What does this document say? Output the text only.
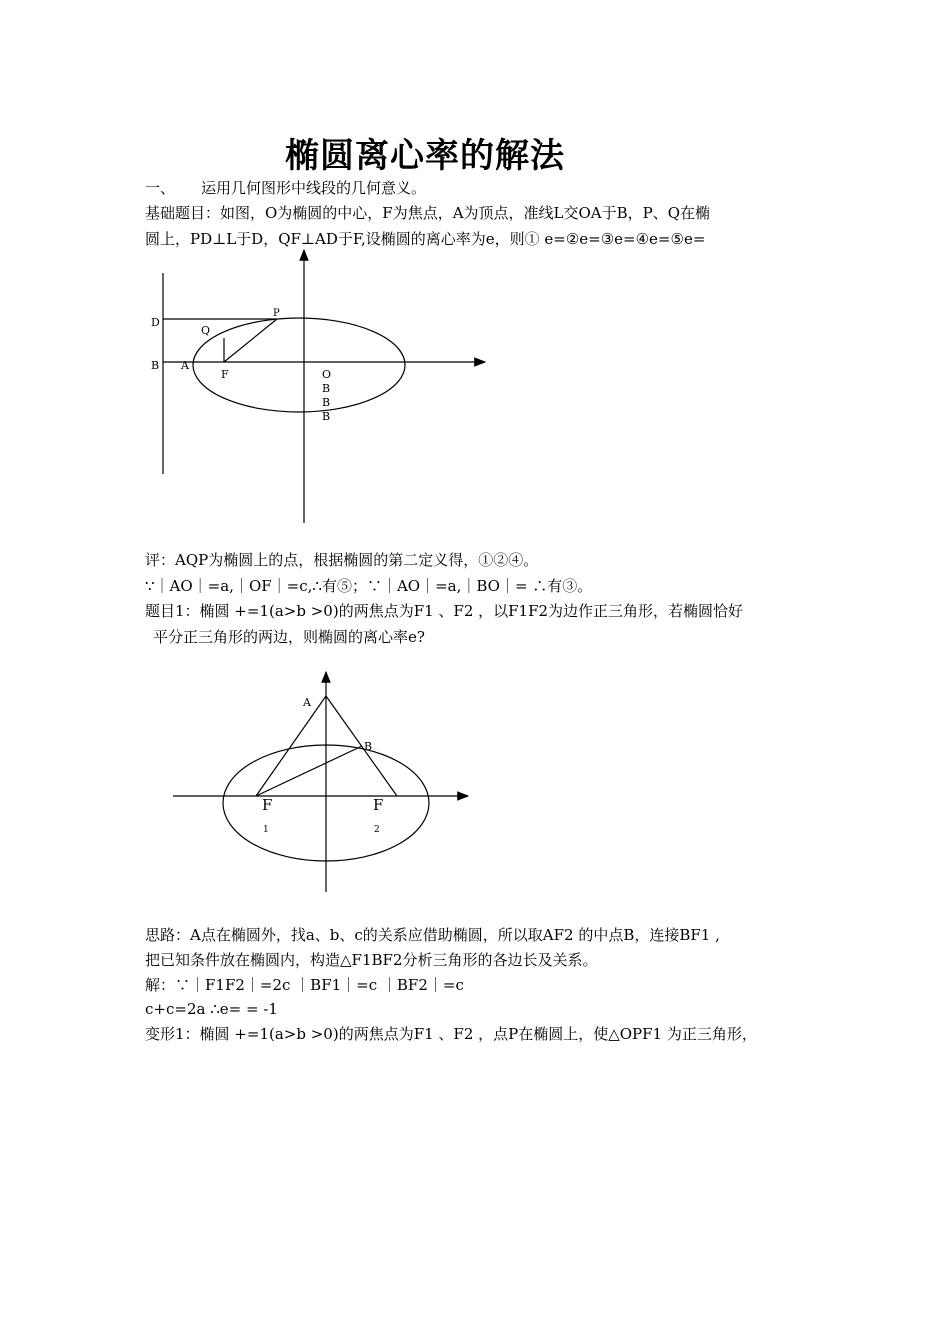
椭圆离心率的解法
一、 运用几何图形中线段的几何意义。
基础题目：如图，O为椭圆的中心，F为焦点，A为顶点，准线L交OA于B，P、Q在椭
圆上，PD⊥L于D，QF⊥AD于F,设椭圆的离心率为e，则① e=②e=③e=④e=⑤e=
D
Q
P
B A
F	O
B
B
B
评：AQP为椭圆上的点，根据椭圆的第二定义得，①②④。
∵｜AO｜=a,｜OF｜=c,∴有⑤；∵｜AO｜=a,｜BO｜= ∴有③。
题目1：椭圆 +=1(a>b >0)的两焦点为F1 、F2 ，以F1F2为边作正三角形，若椭圆恰好
平分正三角形的两边，则椭圆的离心率e?
A
B
F
1
F
2
思路：A点在椭圆外，找a、b、c的关系应借助椭圆，所以取AF2 的中点B，连接BF1 ,
把已知条件放在椭圆内，构造△F1BF2分析三角形的各边长及关系。
解：∵｜F1F2｜=2c ｜BF1｜=c ｜BF2｜=c
c+c=2a ∴e= = -1
变形1：椭圆 +=1(a>b >0)的两焦点为F1 、F2 ，点P在椭圆上，使△OPF1 为正三角形，
